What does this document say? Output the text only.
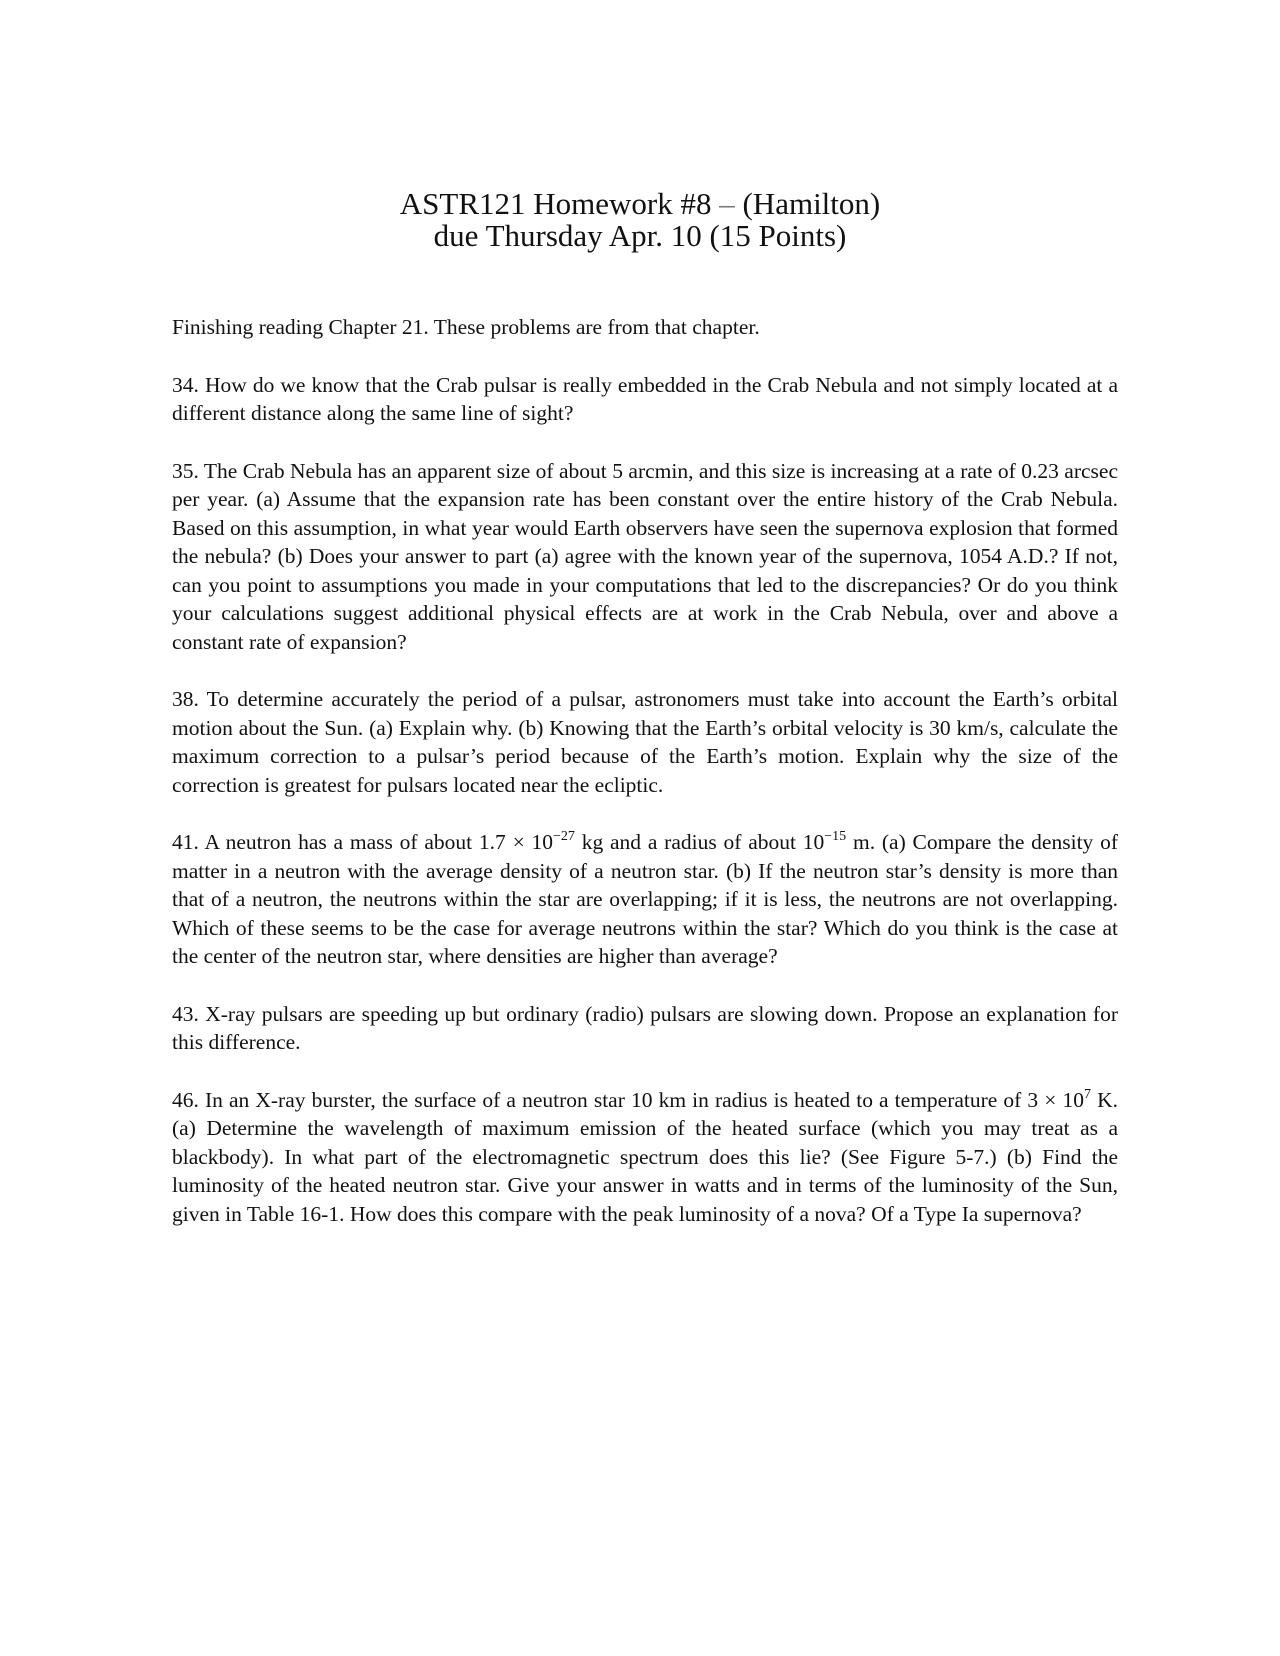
ASTR121 Homework #8 – (Hamilton)
due Thursday Apr. 10 (15 Points)

Finishing reading Chapter 21. These problems are from that chapter.

34. How do we know that the Crab pulsar is really embedded in the Crab Nebula and not simply located at a different distance along the same line of sight?

35. The Crab Nebula has an apparent size of about 5 arcmin, and this size is increasing at a rate of 0.23 arcsec per year. (a) Assume that the expansion rate has been constant over the entire history of the Crab Nebula. Based on this assumption, in what year would Earth observers have seen the supernova explosion that formed the nebula? (b) Does your answer to part (a) agree with the known year of the supernova, 1054 A.D.? If not, can you point to assumptions you made in your computations that led to the discrepancies? Or do you think your calculations suggest additional physical effects are at work in the Crab Nebula, over and above a constant rate of expansion?

38. To determine accurately the period of a pulsar, astronomers must take into account the Earth’s orbital motion about the Sun. (a) Explain why. (b) Knowing that the Earth’s orbital velocity is 30 km/s, calculate the maximum correction to a pulsar’s period because of the Earth’s motion. Explain why the size of the correction is greatest for pulsars located near the ecliptic.

41. A neutron has a mass of about $1.7 \times 10^{-27}$ kg and a radius of about $10^{-15}$ m. (a) Compare the density of matter in a neutron with the average density of a neutron star. (b) If the neutron star’s density is more than that of a neutron, the neutrons within the star are overlapping; if it is less, the neutrons are not overlapping. Which of these seems to be the case for average neutrons within the star? Which do you think is the case at the center of the neutron star, where densities are higher than average?

43. X-ray pulsars are speeding up but ordinary (radio) pulsars are slowing down. Propose an explanation for this difference.

46. In an X-ray burster, the surface of a neutron star 10 km in radius is heated to a temperature of $3 \times 10^7$ K. (a) Determine the wavelength of maximum emission of the heated surface (which you may treat as a blackbody). In what part of the electromagnetic spectrum does this lie? (See Figure 5-7.) (b) Find the luminosity of the heated neutron star. Give your answer in watts and in terms of the luminosity of the Sun, given in Table 16-1. How does this compare with the peak luminosity of a nova? Of a Type Ia supernova?
